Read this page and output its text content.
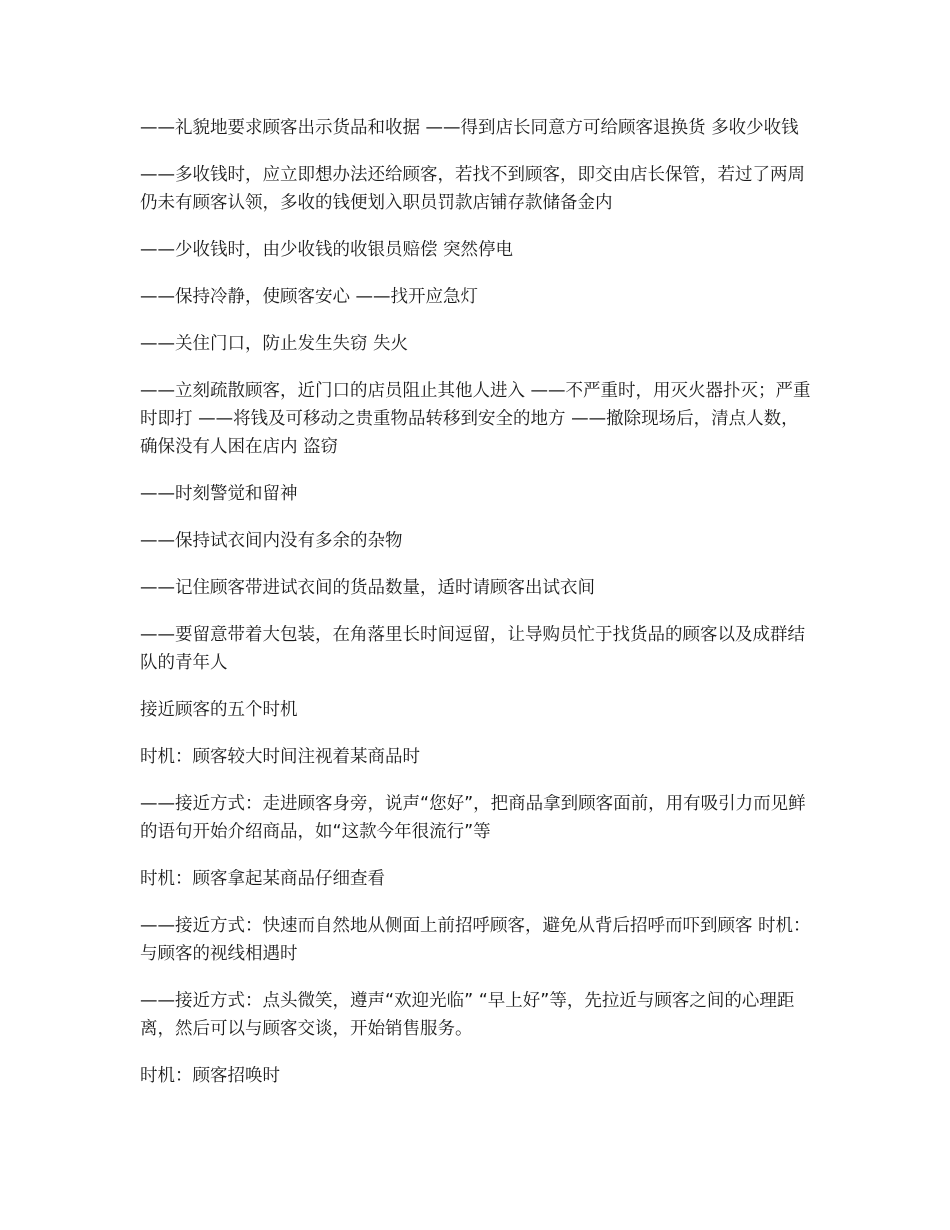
——礼貌地要求顾客出示货品和收据 ——得到店长同意方可给顾客退换货 多收少收钱

——多收钱时，应立即想办法还给顾客，若找不到顾客，即交由店长保管，若过了两周仍未有顾客认领，多收的钱便划入职员罚款店铺存款储备金内

——少收钱时，由少收钱的收银员赔偿 突然停电

——保持冷静，使顾客安心 ——找开应急灯

——关住门口，防止发生失窃 失火

——立刻疏散顾客，近门口的店员阻止其他人进入 ——不严重时，用灭火器扑灭；严重时即打 ——将钱及可移动之贵重物品转移到安全的地方 ——撤除现场后，清点人数，确保没有人困在店内 盗窃

——时刻警觉和留神

——保持试衣间内没有多余的杂物

——记住顾客带进试衣间的货品数量，适时请顾客出试衣间

——要留意带着大包装，在角落里长时间逗留，让导购员忙于找货品的顾客以及成群结队的青年人

接近顾客的五个时机

时机：顾客较大时间注视着某商品时

——接近方式：走进顾客身旁，说声“您好”，把商品拿到顾客面前，用有吸引力而见鲜的语句开始介绍商品，如“这款今年很流行”等

时机：顾客拿起某商品仔细查看

——接近方式：快速而自然地从侧面上前招呼顾客，避免从背后招呼而吓到顾客 时机：与顾客的视线相遇时

——接近方式：点头微笑，遵声“欢迎光临” “早上好”等，先拉近与顾客之间的心理距离，然后可以与顾客交谈，开始销售服务。

时机：顾客招唤时
